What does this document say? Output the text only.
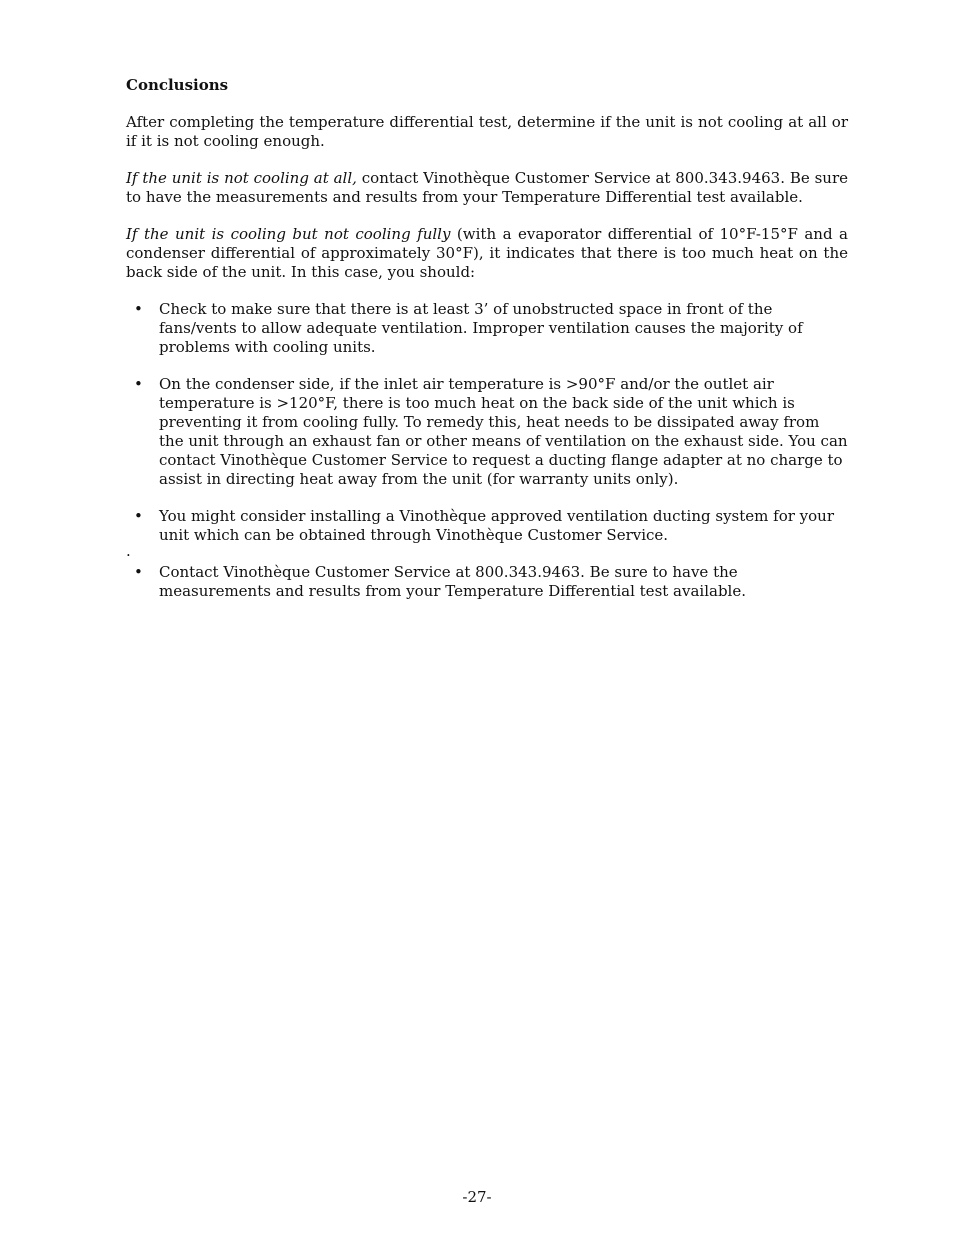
Conclusions

After completing the temperature differential test, determine if the unit is not cooling at all or if it is not cooling enough.

If the unit is not cooling at all, contact Vinothèque Customer Service at 800.343.9463. Be sure to have the measurements and results from your Temperature Differential test available.

If the unit is cooling but not cooling fully (with a evaporator differential of 10°F-15°F and a condenser differential of approximately 30°F), it indicates that there is too much heat on the back side of the unit. In this case, you should:

• Check to make sure that there is at least 3’ of unobstructed space in front of the fans/vents to allow adequate ventilation. Improper ventilation causes the majority of problems with cooling units.
• On the condenser side, if the inlet air temperature is >90°F and/or the outlet air temperature is >120°F, there is too much heat on the back side of the unit which is preventing it from cooling fully. To remedy this, heat needs to be dissipated away from the unit through an exhaust fan or other means of ventilation on the exhaust side. You can contact Vinothèque Customer Service to request a ducting flange adapter at no charge to assist in directing heat away from the unit (for warranty units only).
• You might consider installing a Vinothèque approved ventilation ducting system for your unit which can be obtained through Vinothèque Customer Service.
• Contact Vinothèque Customer Service at 800.343.9463. Be sure to have the measurements and results from your Temperature Differential test available.
.
-27-
